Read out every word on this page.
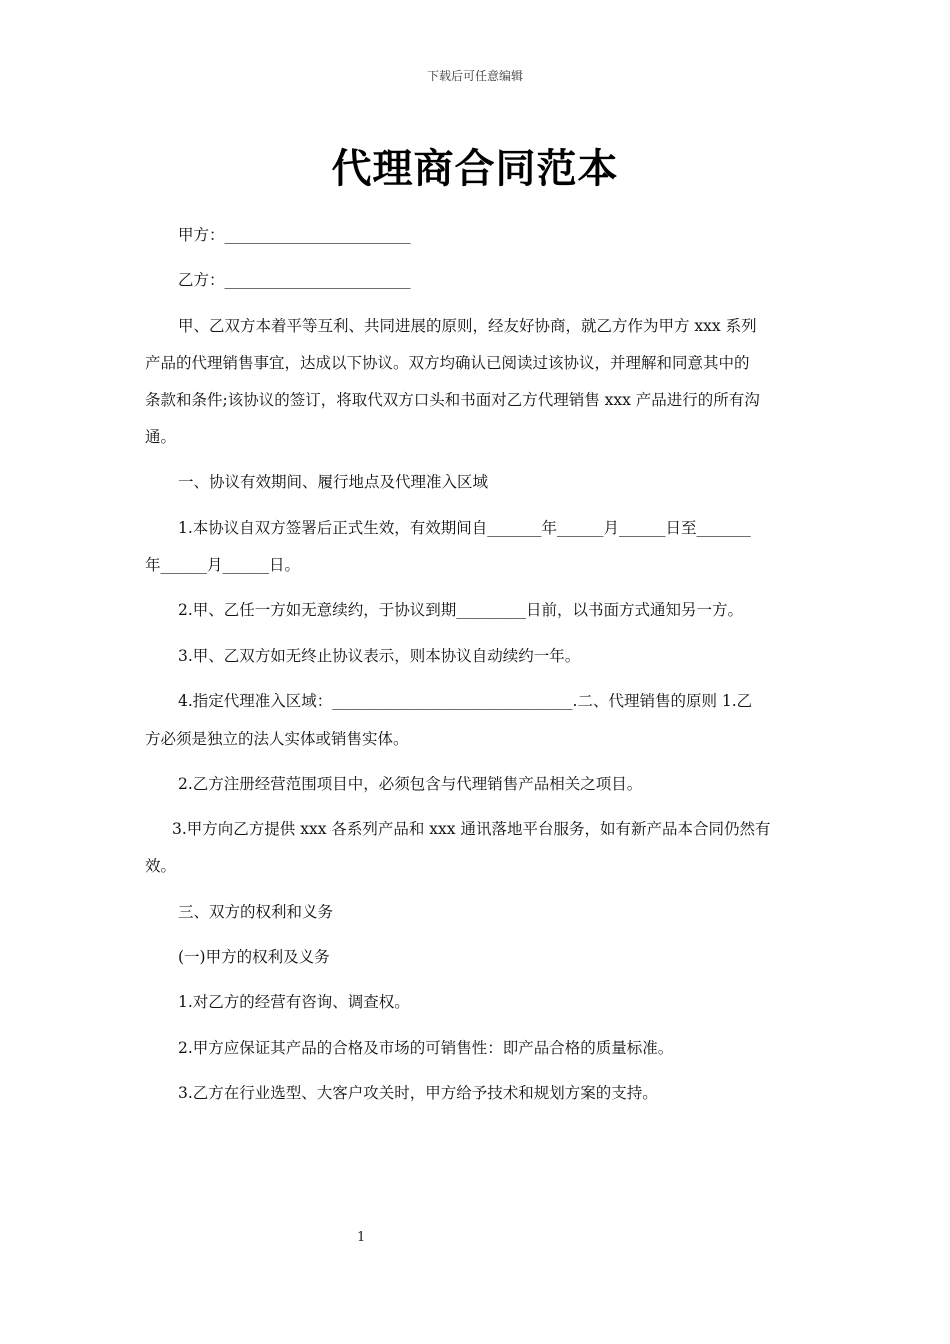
下载后可任意编辑
代理商合同范本
甲方：________________________
乙方：________________________
甲、乙双方本着平等互利、共同进展的原则，经友好协商，就乙方作为甲方 xxx 系列
产品的代理销售事宜，达成以下协议。双方均确认已阅读过该协议，并理解和同意其中的
条款和条件;该协议的签订，将取代双方口头和书面对乙方代理销售 xxx 产品进行的所有沟
通。
一、协议有效期间、履行地点及代理准入区域
1.本协议自双方签署后正式生效，有效期间自_______年______月______日至_______
年______月______日。
2.甲、乙任一方如无意续约，于协议到期_________日前，以书面方式通知另一方。
3.甲、乙双方如无终止协议表示，则本协议自动续约一年。
4.指定代理准入区域：_______________________________.二、代理销售的原则 1.乙
方必须是独立的法人实体或销售实体。
2.乙方注册经营范围项目中，必须包含与代理销售产品相关之项目。
3.甲方向乙方提供 xxx 各系列产品和 xxx 通讯落地平台服务，如有新产品本合同仍然有
效。
三、双方的权利和义务
(一)甲方的权利及义务
1.对乙方的经营有咨询、调查权。
2.甲方应保证其产品的合格及市场的可销售性：即产品合格的质量标准。
3.乙方在行业选型、大客户攻关时，甲方给予技术和规划方案的支持。
1
